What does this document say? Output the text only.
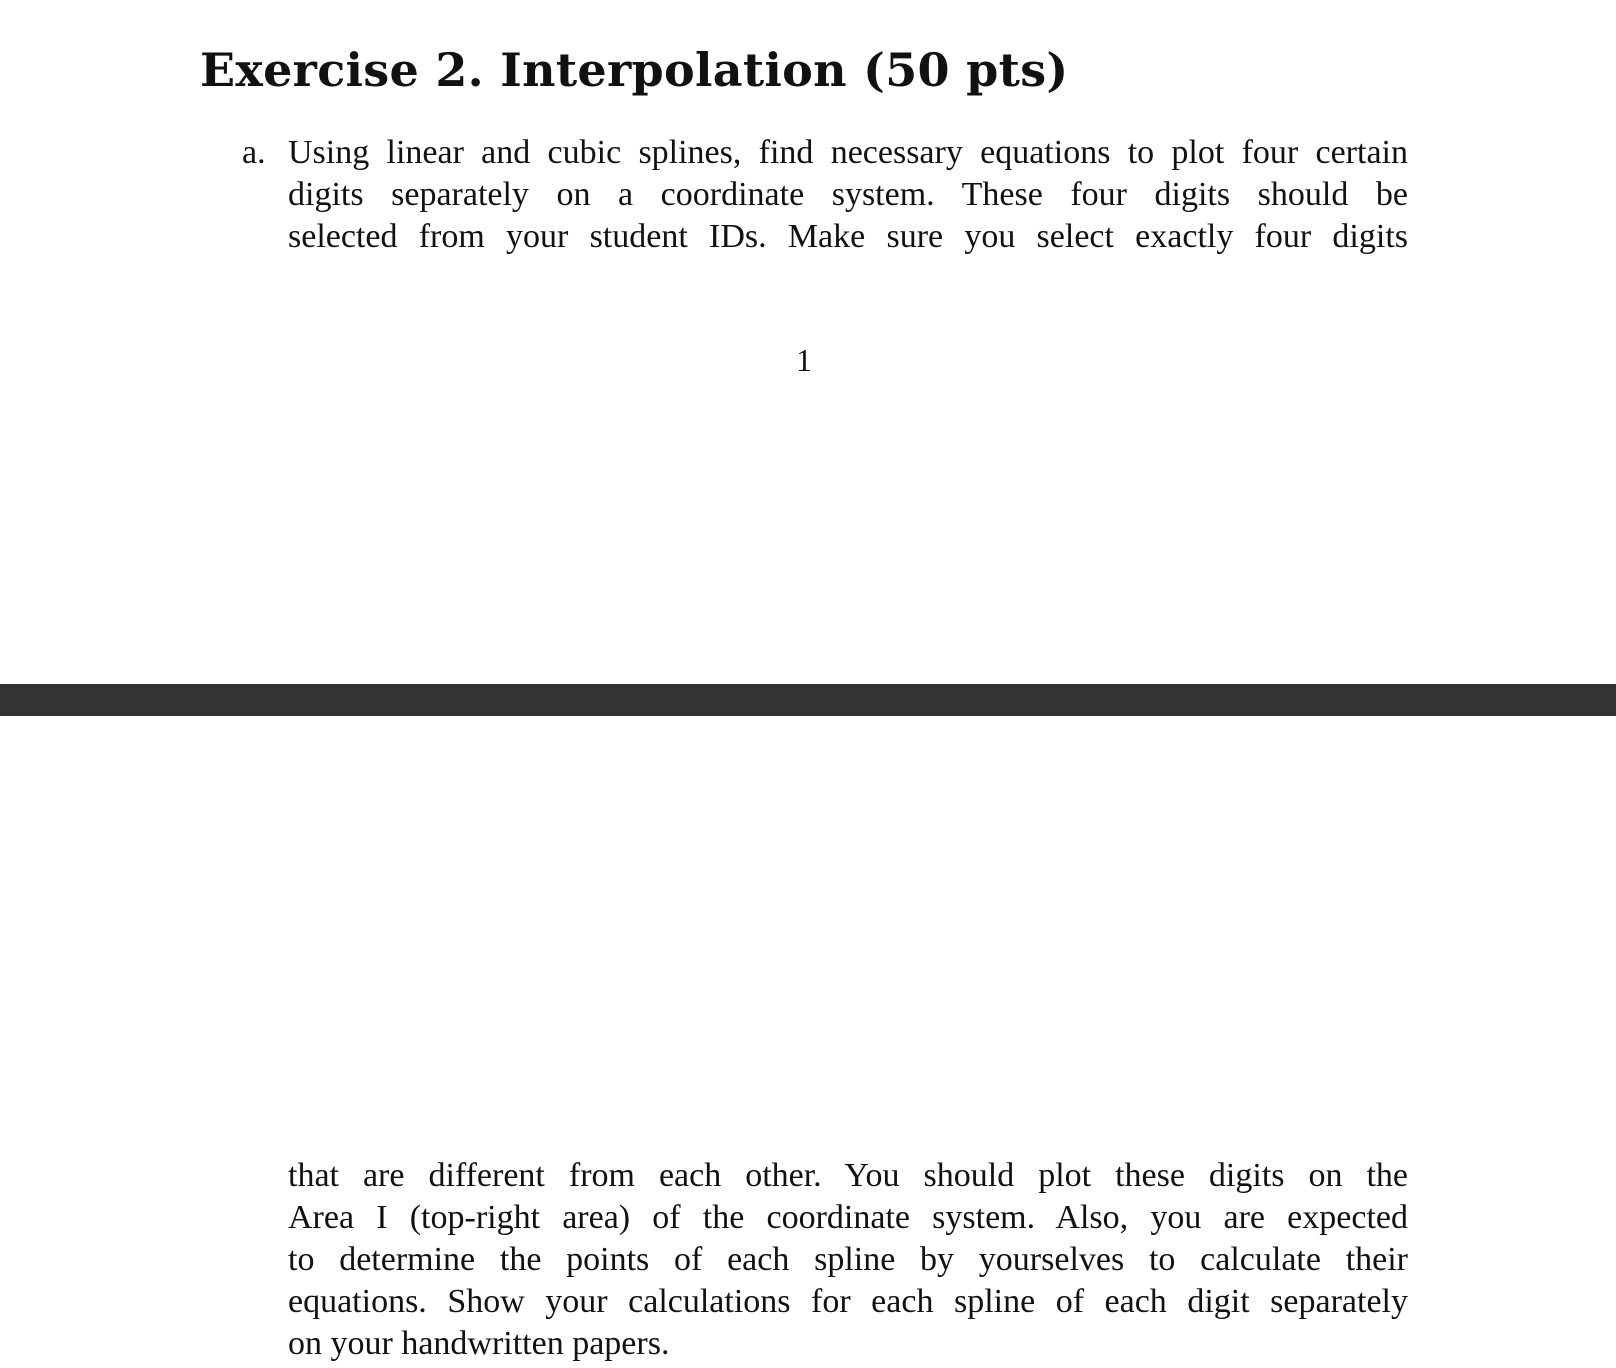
Exercise 2. Interpolation (50 pts)
a. Using linear and cubic splines, find necessary equations to plot four certain
digits separately on a coordinate system. These four digits should be
selected from your student IDs. Make sure you select exactly four digits

1

that are different from each other. You should plot these digits on the
Area I (top-right area) of the coordinate system. Also, you are expected
to determine the points of each spline by yourselves to calculate their
equations. Show your calculations for each spline of each digit separately
on your handwritten papers.
